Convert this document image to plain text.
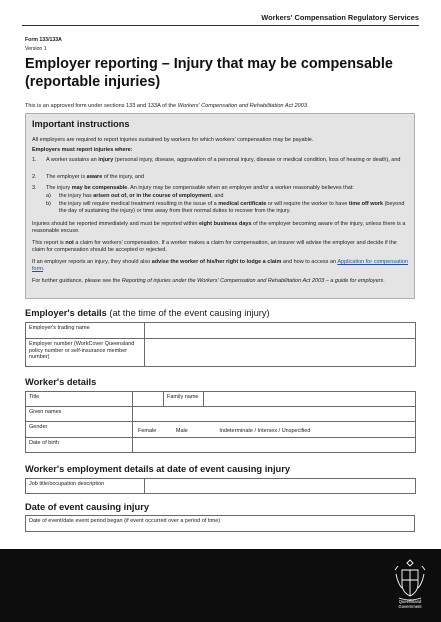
Workers' Compensation Regulatory Services
Form 133/133A
Version 1
Employer reporting – Injury that may be compensable
(reportable injuries)
This is an approved form under sections 133 and 133A of the Workers' Compensation and Rehabilitation Act 2003.
Important instructions
All employers are required to report injuries sustained by workers for which workers' compensation may be payable.
Employers must report injuries where:
1. A worker sustains an injury (personal injury, disease, aggravation of a personal injury, disease or medical condition, loss of hearing or death), and
2. The employer is aware of the injury, and
3. The injury may be compensable. An injury may be compensable when an employer and/or a worker reasonably believes that:
a) the injury has arisen out of, or in the course of employment, and
b) the injury will require medical treatment resulting in the issue of a medical certificate or will require the worker to have time off work (beyond the day of sustaining the injury) or time away from their normal duties to recover from the injury.
Injuries should be reported immediately and must be reported within eight business days of the employer becoming aware of the injury, unless there is a reasonable excuse.
This report is not a claim for workers' compensation. If a worker makes a claim for compensation, an insurer will advise the employer and decide if the claim for compensation should be accepted or rejected.
If an employer reports an injury, they should also advise the worker of his/her right to lodge a claim and how to access an Application for compensation form.
For further guidance, please see the Reporting of injuries under the Workers' Compensation and Rehabilitation Act 2003 – a guide for employers.
Employer's details (at the time of the event causing injury)
Employer's trading name	
Employer number (WorkCover Queensland policy number or self-insurance member number)	
Worker's details
Title		Family name	
Given names			
Gender	Female Male Indeterminate / Intersex / Unspecified		
Date of birth			
Worker's employment details at date of event causing injury
Job title/occupation description	
Date of event causing injury
Date of event/date event period began (if event occurred over a period of time)
Queensland
Government
